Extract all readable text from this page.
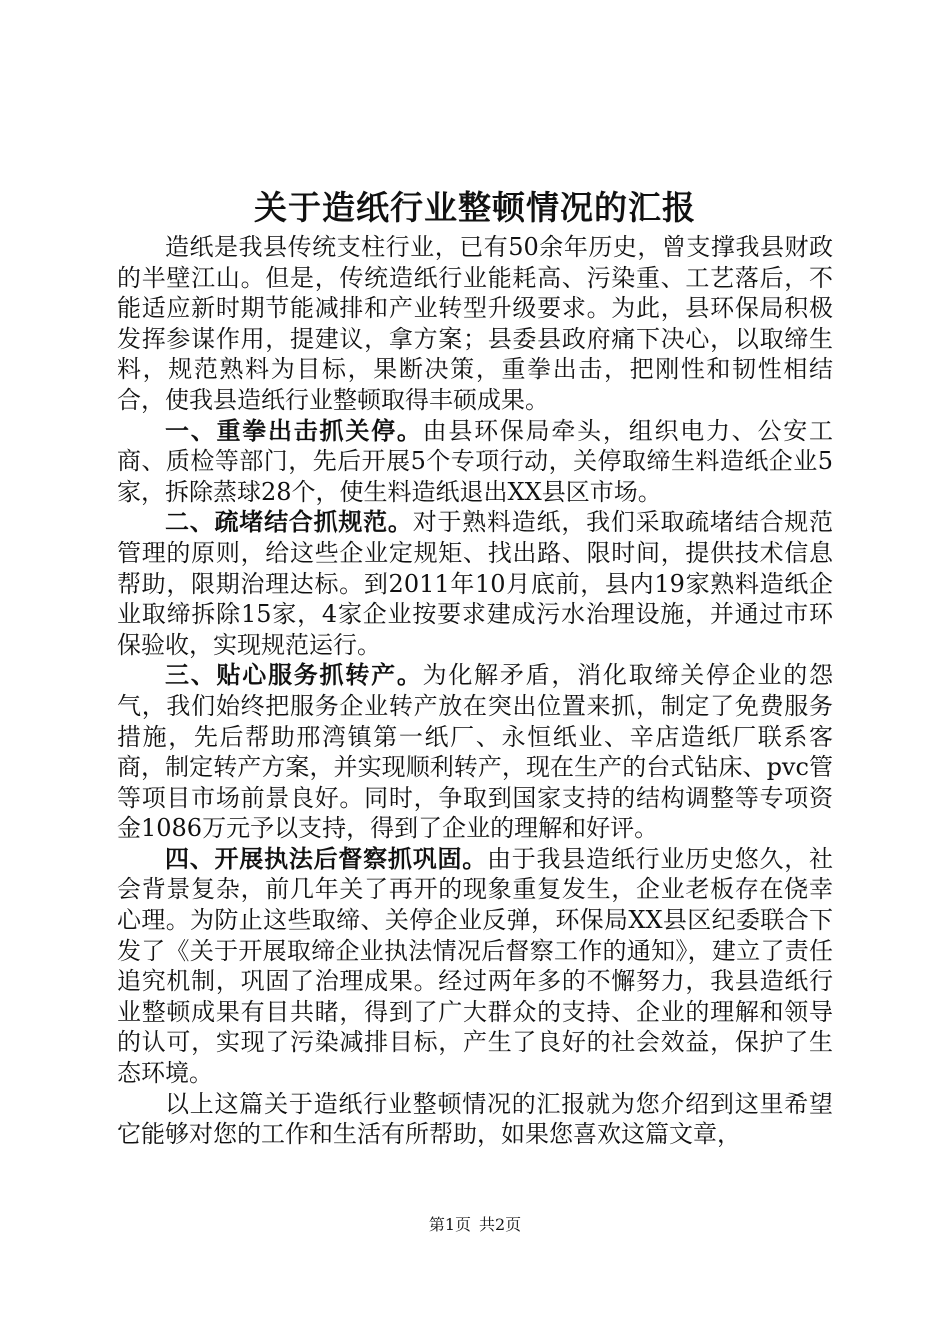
关于造纸行业整顿情况的汇报

造纸是我县传统支柱行业，已有50余年历史，曾支撑我县财政的半壁江山。但是，传统造纸行业能耗高、污染重、工艺落后，不能适应新时期节能减排和产业转型升级要求。为此，县环保局积极发挥参谋作用，提建议，拿方案；县委县政府痛下决心，以取缔生料，规范熟料为目标，果断决策，重拳出击，把刚性和韧性相结合，使我县造纸行业整顿取得丰硕成果。

一、重拳出击抓关停。由县环保局牵头，组织电力、公安工商、质检等部门，先后开展5个专项行动，关停取缔生料造纸企业5家，拆除蒸球28个，使生料造纸退出XX县区市场。

二、疏堵结合抓规范。对于熟料造纸，我们采取疏堵结合规范管理的原则，给这些企业定规矩、找出路、限时间，提供技术信息帮助，限期治理达标。到2011年10月底前，县内19家熟料造纸企业取缔拆除15家，4家企业按要求建成污水治理设施，并通过市环保验收，实现规范运行。

三、贴心服务抓转产。为化解矛盾，消化取缔关停企业的怨气，我们始终把服务企业转产放在突出位置来抓，制定了免费服务措施，先后帮助邢湾镇第一纸厂、永恒纸业、辛店造纸厂联系客商，制定转产方案，并实现顺利转产，现在生产的台式钻床、pvc管等项目市场前景良好。同时，争取到国家支持的结构调整等专项资金1086万元予以支持，得到了企业的理解和好评。

四、开展执法后督察抓巩固。由于我县造纸行业历史悠久，社会背景复杂，前几年关了再开的现象重复发生，企业老板存在侥幸心理。为防止这些取缔、关停企业反弹，环保局XX县区纪委联合下发了《关于开展取缔企业执法情况后督察工作的通知》，建立了责任追究机制，巩固了治理成果。经过两年多的不懈努力，我县造纸行业整顿成果有目共睹，得到了广大群众的支持、企业的理解和领导的认可，实现了污染减排目标，产生了良好的社会效益，保护了生态环境。

以上这篇关于造纸行业整顿情况的汇报就为您介绍到这里希望它能够对您的工作和生活有所帮助，如果您喜欢这篇文章，

第1页 共2页
